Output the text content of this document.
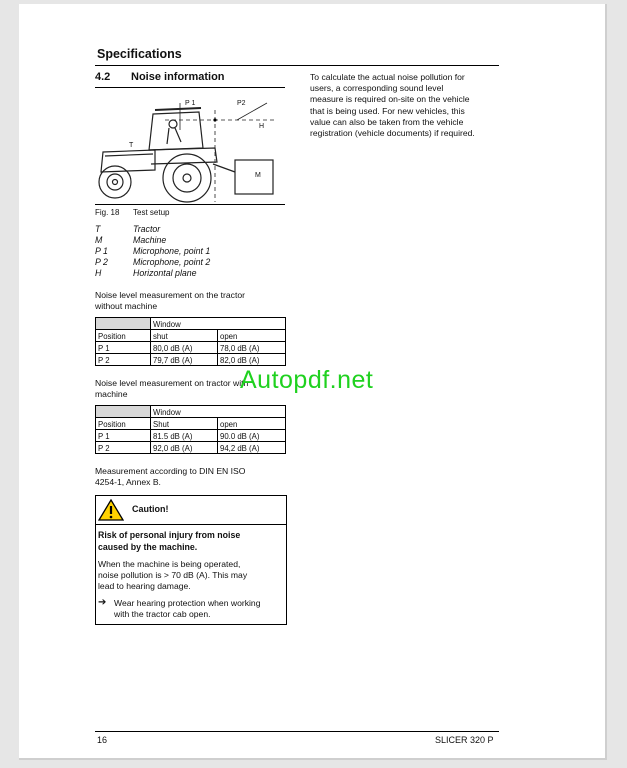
Specifications
4.2 Noise information
P 1	P2
H
T
M
Fig. 18 Test setup
T	Tractor
M	Machine
P 1	Microphone, point 1
P 2	Microphone, point 2
H	Horizontal plane
Noise level measurement on the tractor
without machine
	Window	
Position	shut	open
P 1	80,0 dB (A)	78,0 dB (A)
P 2	79,7 dB (A)	82,0 dB (A)
Noise level measurement on tractor with
machine
	Window	
Position	Shut	open
P 1	81.5 dB (A)	90.0 dB (A)
P 2	92,0 dB (A)	94,2 dB (A)
Measurement according to DIN EN ISO
4254-1, Annex B.
Caution!
Risk of personal injury from noise
caused by the machine.
When the machine is being operated,
noise pollution is > 70 dB (A). This may
lead to hearing damage.
➔ Wear hearing protection when working
with the tractor cab open.
To calculate the actual noise pollution for
users, a corresponding sound level
measure is required on-site on the vehicle
that is being used. For new vehicles, this
value can also be taken from the vehicle
registration (vehicle documents) if required.
Autopdf.net
16	SLICER 320 P
